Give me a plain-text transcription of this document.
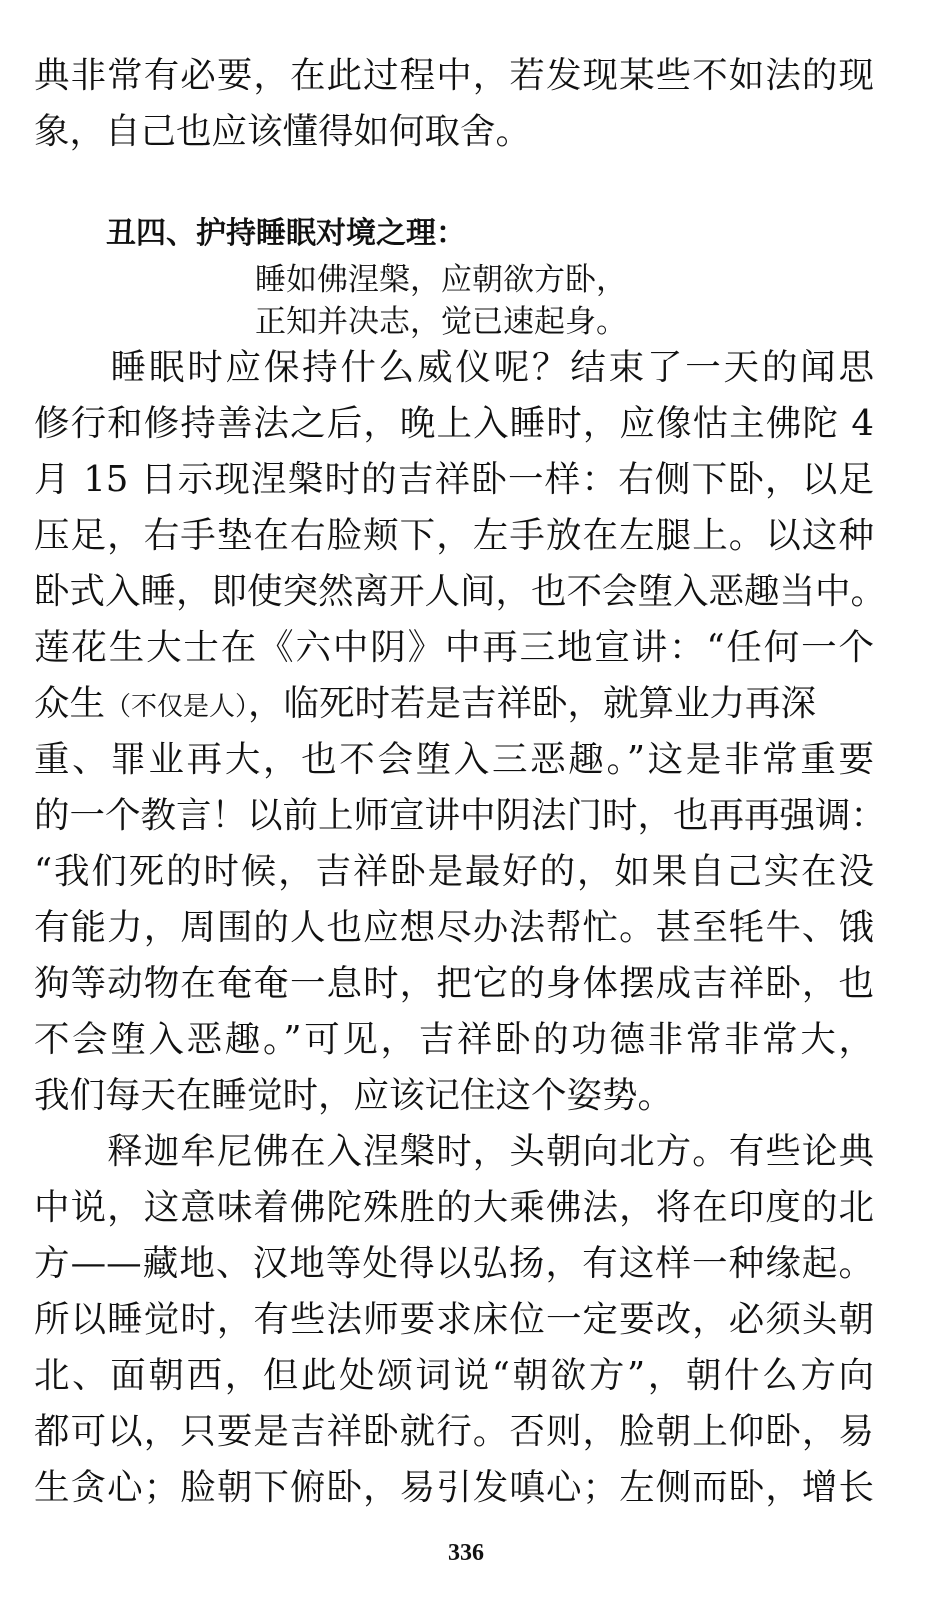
典非常有必要，在此过程中，若发现某些不如法的现
象，自己也应该懂得如何取舍。
丑四、护持睡眠对境之理：
睡如佛涅槃，应朝欲方卧，
正知并决志，觉已速起身。
　　睡眠时应保持什么威仪呢？结束了一天的闻思
修行和修持善法之后，晚上入睡时，应像怙主佛陀 4
月 15 日示现涅槃时的吉祥卧一样：右侧下卧，以足
压足，右手垫在右脸颊下，左手放在左腿上。以这种
卧式入睡，即使突然离开人间，也不会堕入恶趣当中。
莲花生大士在《六中阴》中再三地宣讲：“任何一个
众生（不仅是人），临死时若是吉祥卧，就算业力再深
重、罪业再大，也不会堕入三恶趣。”这是非常重要
的一个教言！以前上师宣讲中阴法门时，也再再强调：
“我们死的时候，吉祥卧是最好的，如果自己实在没
有能力，周围的人也应想尽办法帮忙。甚至牦牛、饿
狗等动物在奄奄一息时，把它的身体摆成吉祥卧，也
不会堕入恶趣。”可见，吉祥卧的功德非常非常大，
我们每天在睡觉时，应该记住这个姿势。
　　释迦牟尼佛在入涅槃时，头朝向北方。有些论典
中说，这意味着佛陀殊胜的大乘佛法，将在印度的北
方——藏地、汉地等处得以弘扬，有这样一种缘起。
所以睡觉时，有些法师要求床位一定要改，必须头朝
北、面朝西，但此处颂词说“朝欲方”，朝什么方向
都可以，只要是吉祥卧就行。否则，脸朝上仰卧，易
生贪心；脸朝下俯卧，易引发嗔心；左侧而卧，增长
336
